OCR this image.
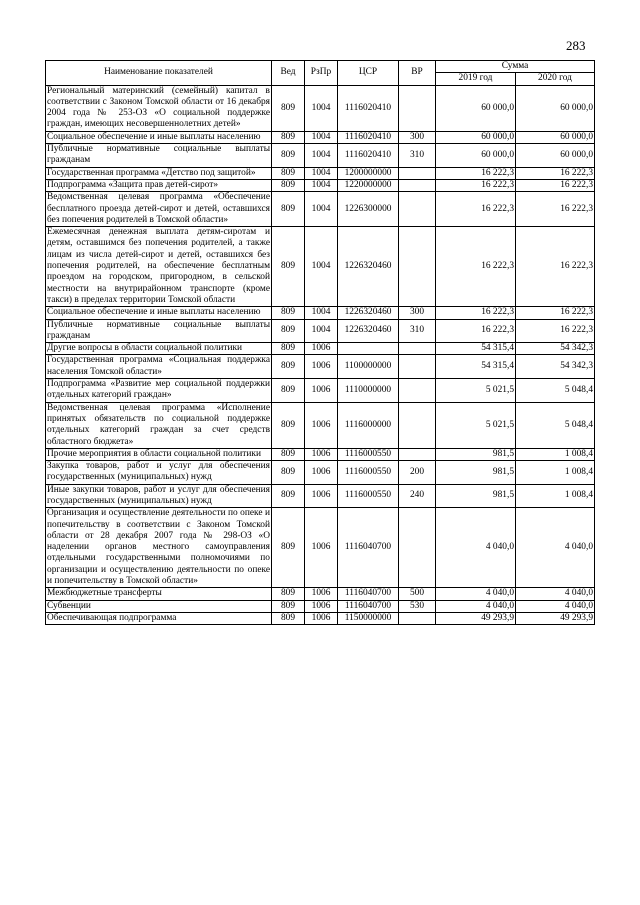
283
Наименование показателей	Вед	РзПр	ЦСР	ВР	Сумма	
					2019 год	2020 год
Региональный материнский (семейный) капитал в соответствии с Законом Томской области от 16 декабря 2004 года № 253-ОЗ «О социальной поддержке граждан, имеющих несовершеннолетних детей»	809	1004	1116020410		60 000,0	60 000,0
Социальное обеспечение и иные выплаты населению	809	1004	1116020410	300	60 000,0	60 000,0
Публичные нормативные социальные выплаты гражданам	809	1004	1116020410	310	60 000,0	60 000,0
Государственная программа «Детство под защитой»	809	1004	1200000000		16 222,3	16 222,3
Подпрограмма «Защита прав детей-сирот»	809	1004	1220000000		16 222,3	16 222,3
Ведомственная целевая программа «Обеспечение бесплатного проезда детей-сирот и детей, оставшихся без попечения родителей в Томской области»	809	1004	1226300000		16 222,3	16 222,3
Ежемесячная денежная выплата детям-сиротам и детям, оставшимся без попечения родителей, а также лицам из числа детей-сирот и детей, оставшихся без попечения родителей, на обеспечение бесплатным проездом на городском, пригородном, в сельской местности на внутрирайонном транспорте (кроме такси) в пределах территории Томской области	809	1004	1226320460		16 222,3	16 222,3
Социальное обеспечение и иные выплаты населению	809	1004	1226320460	300	16 222,3	16 222,3
Публичные нормативные социальные выплаты гражданам	809	1004	1226320460	310	16 222,3	16 222,3
Другие вопросы в области социальной политики	809	1006			54 315,4	54 342,3
Государственная программа «Социальная поддержка населения Томской области»	809	1006	1100000000		54 315,4	54 342,3
Подпрограмма «Развитие мер социальной поддержки отдельных категорий граждан»	809	1006	1110000000		5 021,5	5 048,4
Ведомственная целевая программа «Исполнение принятых обязательств по социальной поддержке отдельных категорий граждан за счет средств областного бюджета»	809	1006	1116000000		5 021,5	5 048,4
Прочие мероприятия в области социальной политики	809	1006	1116000550		981,5	1 008,4
Закупка товаров, работ и услуг для обеспечения государственных (муниципальных) нужд	809	1006	1116000550	200	981,5	1 008,4
Иные закупки товаров, работ и услуг для обеспечения государственных (муниципальных) нужд	809	1006	1116000550	240	981,5	1 008,4
Организация и осуществление деятельности по опеке и попечительству в соответствии с Законом Томской области от 28 декабря 2007 года № 298-ОЗ «О наделении органов местного самоуправления отдельными государственными полномочиями по организации и осуществлению деятельности по опеке и попечительству в Томской области»	809	1006	1116040700		4 040,0	4 040,0
Межбюджетные трансферты	809	1006	1116040700	500	4 040,0	4 040,0
Субвенции	809	1006	1116040700	530	4 040,0	4 040,0
Обеспечивающая подпрограмма	809	1006	1150000000		49 293,9	49 293,9
